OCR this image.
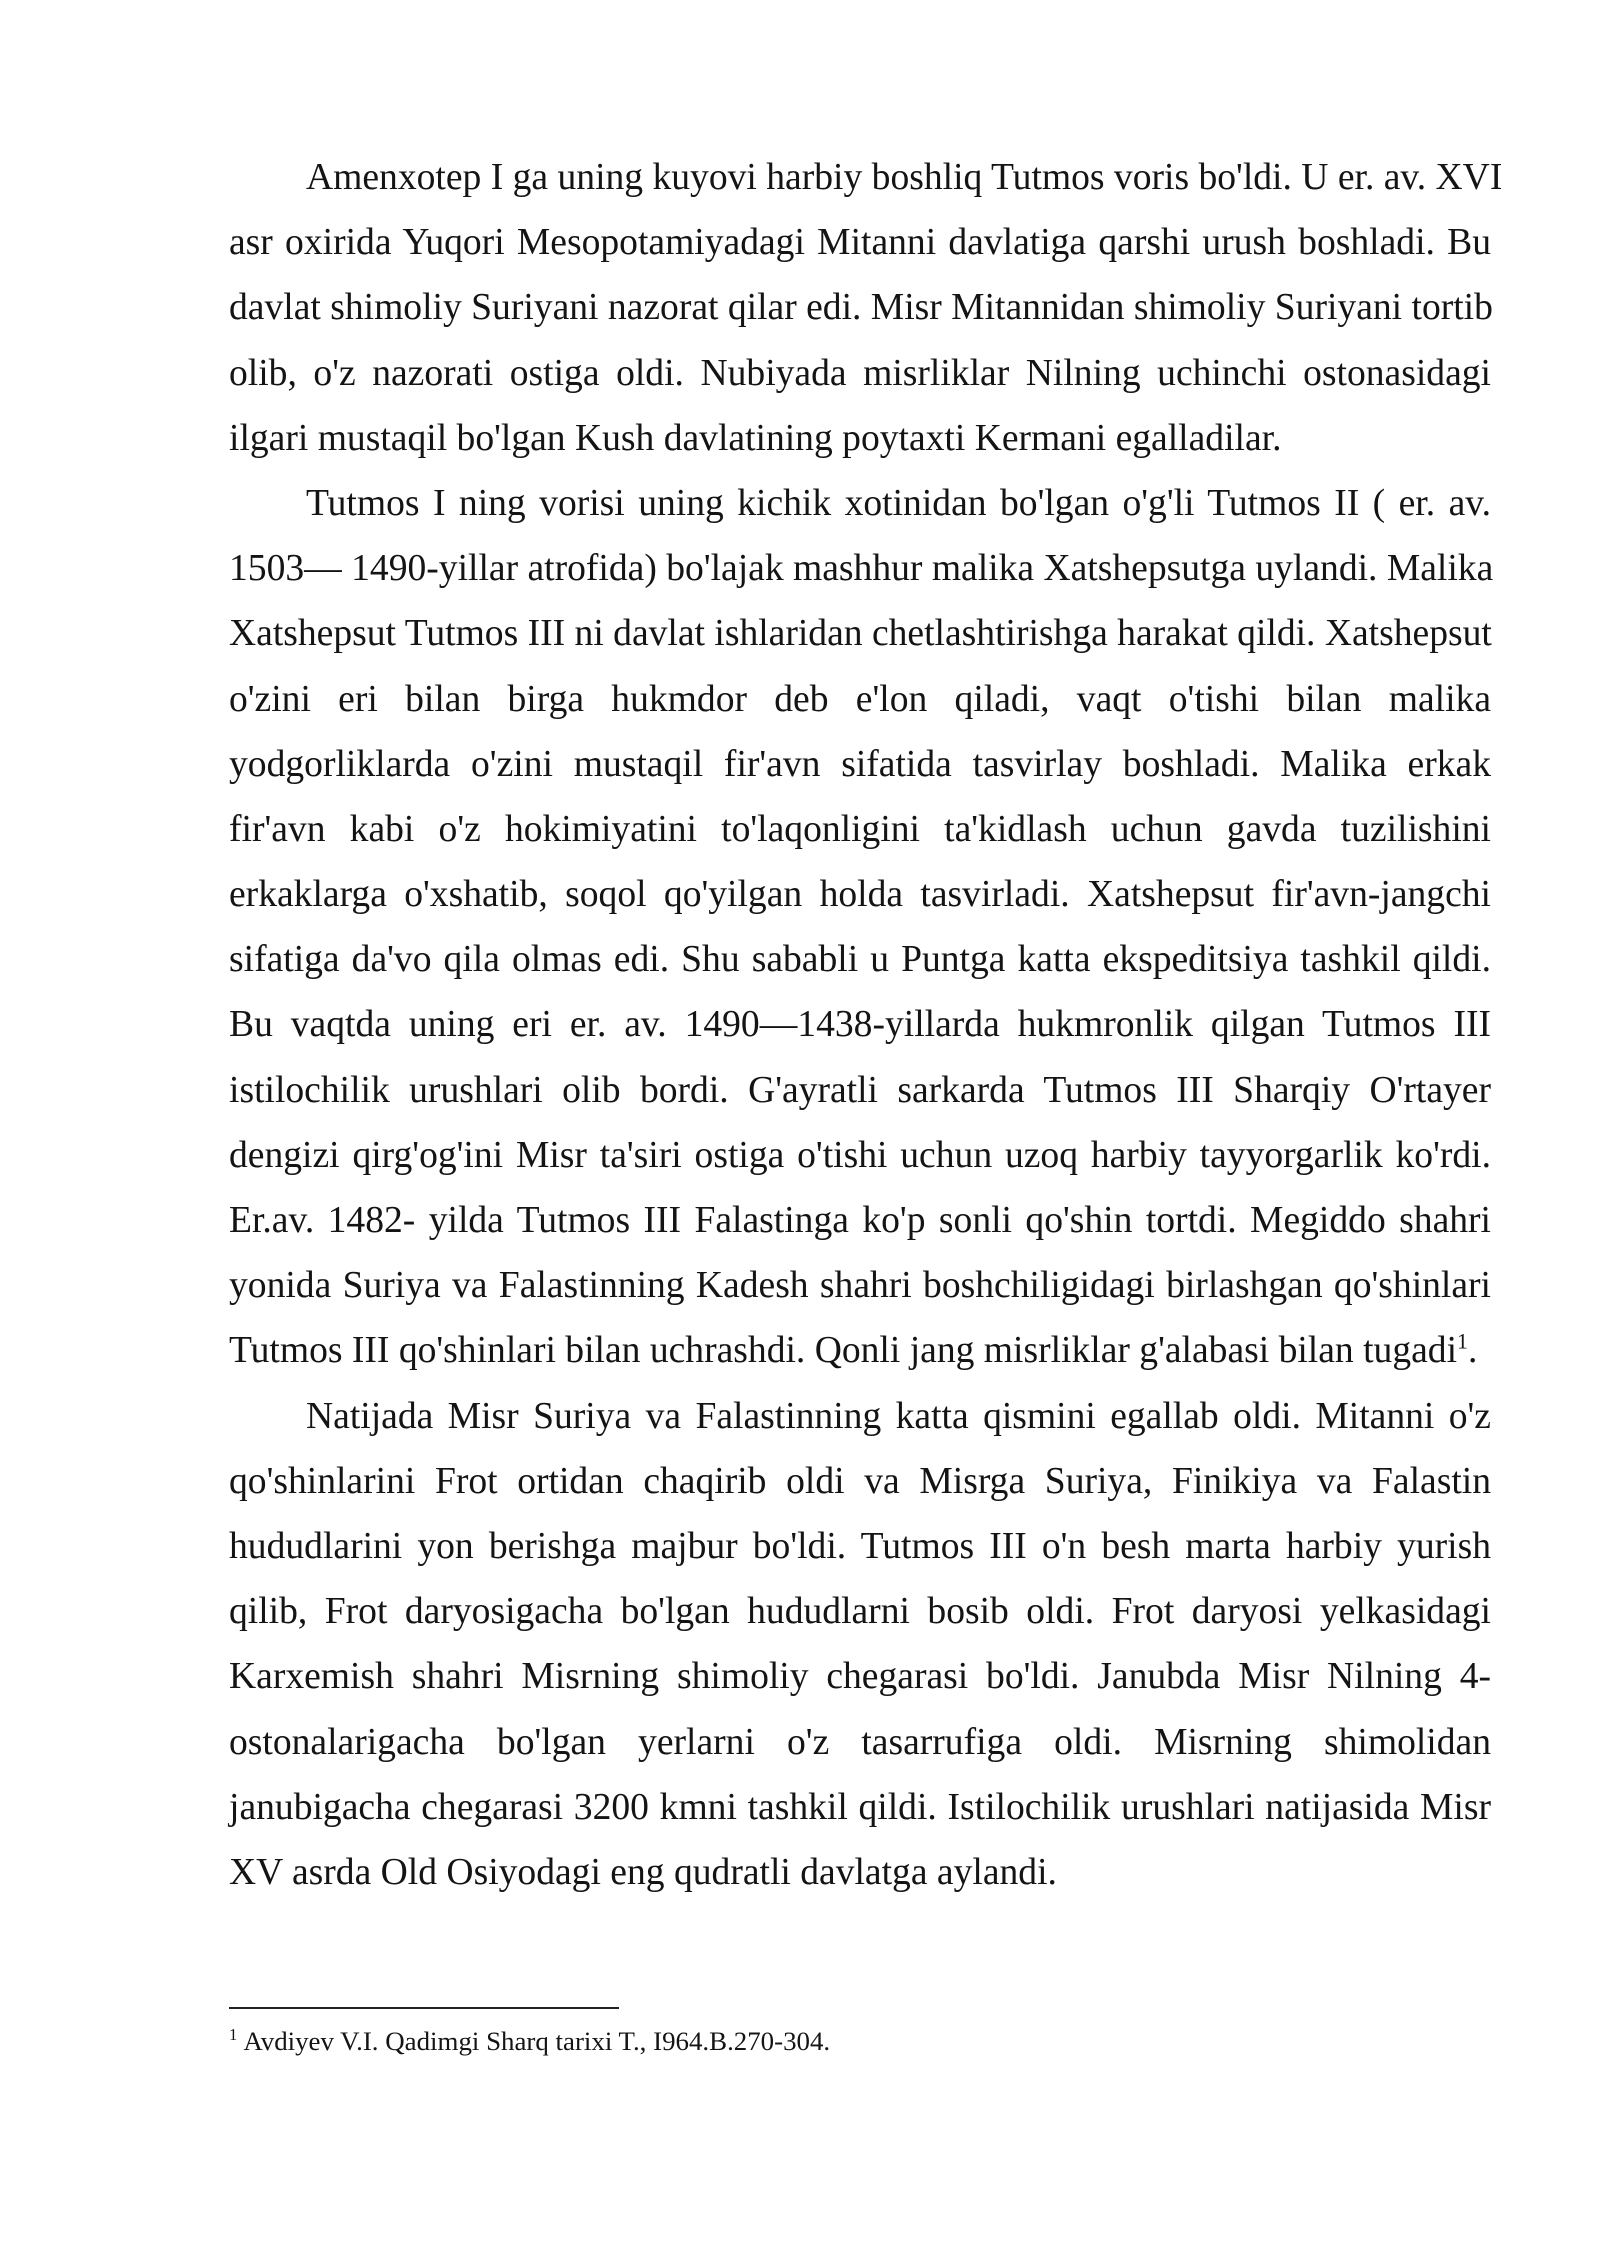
Amenxotep I ga uning kuyovi harbiy boshliq Tutmos voris bo'ldi. U er. av. XVI
asr oxirida Yuqori Mesopotamiyadagi Mitanni davlatiga qarshi urush boshladi. Bu
davlat shimoliy Suriyani nazorat qilar edi. Misr Mitannidan shimoliy Suriyani tortib
olib, o'z nazorati ostiga oldi. Nubiyada misrliklar Nilning uchinchi ostonasidagi
ilgari mustaqil bo'lgan Kush davlatining poytaxti Kermani egalladilar.
Tutmos I ning vorisi uning kichik xotinidan bo'lgan o'g'li Tutmos II ( er. av.
1503— 1490-yillar atrofida) bo'lajak mashhur malika Xatshepsutga uylandi. Malika
Xatshepsut Tutmos III ni davlat ishlaridan chetlashtirishga harakat qildi. Xatshepsut
o'zini eri bilan birga hukmdor deb e'lon qiladi, vaqt o'tishi bilan malika
yodgorliklarda o'zini mustaqil fir'avn sifatida tasvirlay boshladi. Malika erkak
fir'avn kabi o'z hokimiyatini to'laqonligini ta'kidlash uchun gavda tuzilishini
erkaklarga o'xshatib, soqol qo'yilgan holda tasvirladi. Xatshepsut fir'avn-jangchi
sifatiga da'vo qila olmas edi. Shu sababli u Puntga katta ekspeditsiya tashkil qildi.
Bu vaqtda uning eri er. av. 1490—1438-yillarda hukmronlik qilgan Tutmos III
istilochilik urushlari olib bordi. G'ayratli sarkarda Tutmos III Sharqiy O'rtayer
dengizi qirg'og'ini Misr ta'siri ostiga o'tishi uchun uzoq harbiy tayyorgarlik ko'rdi.
Er.av. 1482- yilda Tutmos III Falastinga ko'p sonli qo'shin tortdi. Megiddo shahri
yonida Suriya va Falastinning Kadesh shahri boshchiligidagi birlashgan qo'shinlari
Tutmos III qo'shinlari bilan uchrashdi. Qonli jang misrliklar g'alabasi bilan tugadi$^1$.
Natijada Misr Suriya va Falastinning katta qismini egallab oldi. Mitanni o'z
qo'shinlarini Frot ortidan chaqirib oldi va Misrga Suriya, Finikiya va Falastin
hududlarini yon berishga majbur bo'ldi. Tutmos III o'n besh marta harbiy yurish
qilib, Frot daryosigacha bo'lgan hududlarni bosib oldi. Frot daryosi yelkasidagi
Karxemish shahri Misrning shimoliy chegarasi bo'ldi. Janubda Misr Nilning 4-
ostonalarigacha bo'lgan yerlarni o'z tasarrufiga oldi. Misrning shimolidan
janubigacha chegarasi 3200 kmni tashkil qildi. Istilochilik urushlari natijasida Misr
XV asrda Old Osiyodagi eng qudratli davlatga aylandi.
$^1$ Avdiyev V.I. Qadimgi Sharq tarixi T., I964.B.270-304.
